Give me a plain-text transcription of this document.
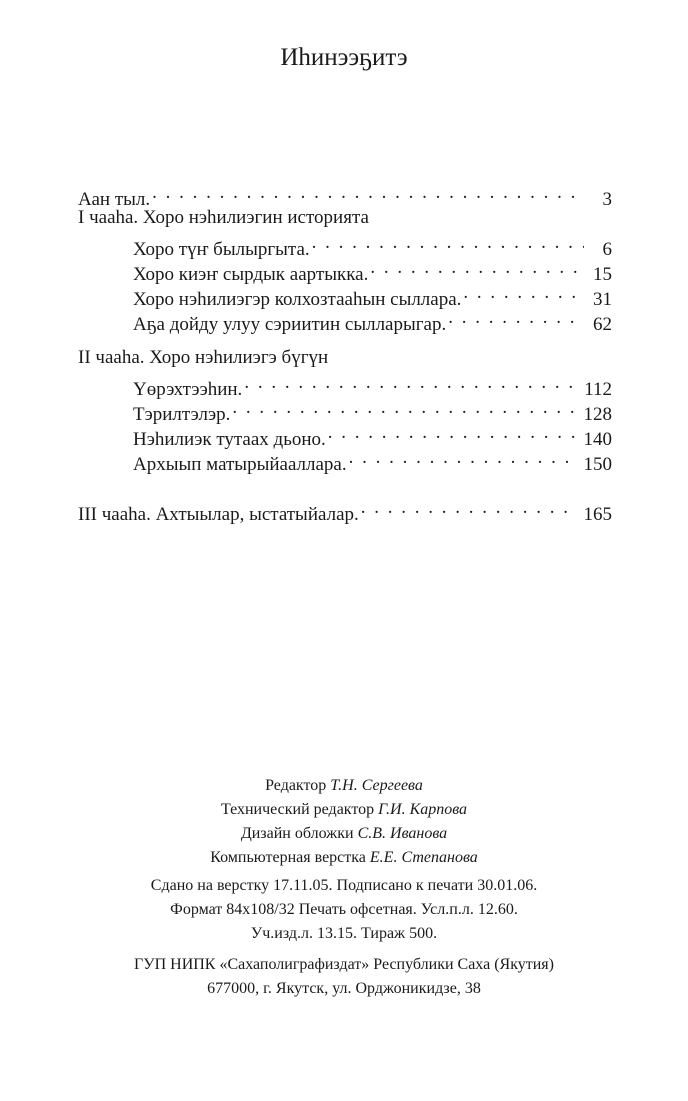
Иһинээҕитэ
Аан тыл. . . .	3
I чааһа. Хоро нэһилиэгин историята
Хоро түҥ былыргыта. . . .	6
Хоро киэҥ сырдык аартыкка. . . .	15
Хоро нэһилиэгэр колхозтааһын сыллара. . . .	31
Аҕа дойду улуу сэриитин сылларыгар. . . .	62
II чааһа. Хоро нэһилиэгэ бүгүн
Үөрэхтээһин. . . .	112
Тэрилтэлэр. . . .	128
Нэһилиэк тутаах дьоно. . . .	140
Архыып матырыйааллара. . . .	150
III чааһа. Ахтыылар, ыстатыйалар. . . .	165
Редактор Т.Н. Сергеева
Технический редактор Г.И. Карпова
Дизайн обложки С.В. Иванова
Компьютерная верстка Е.Е. Степанова
Сдано на верстку 17.11.05. Подписано к печати 30.01.06.
Формат 84x108/32 Печать офсетная. Усл.п.л. 12.60.
Уч.изд.л. 13.15. Тираж 500.
ГУП НИПК «Сахаполиграфиздат» Республики Саха (Якутия)
677000, г. Якутск, ул. Орджоникидзе, 38
